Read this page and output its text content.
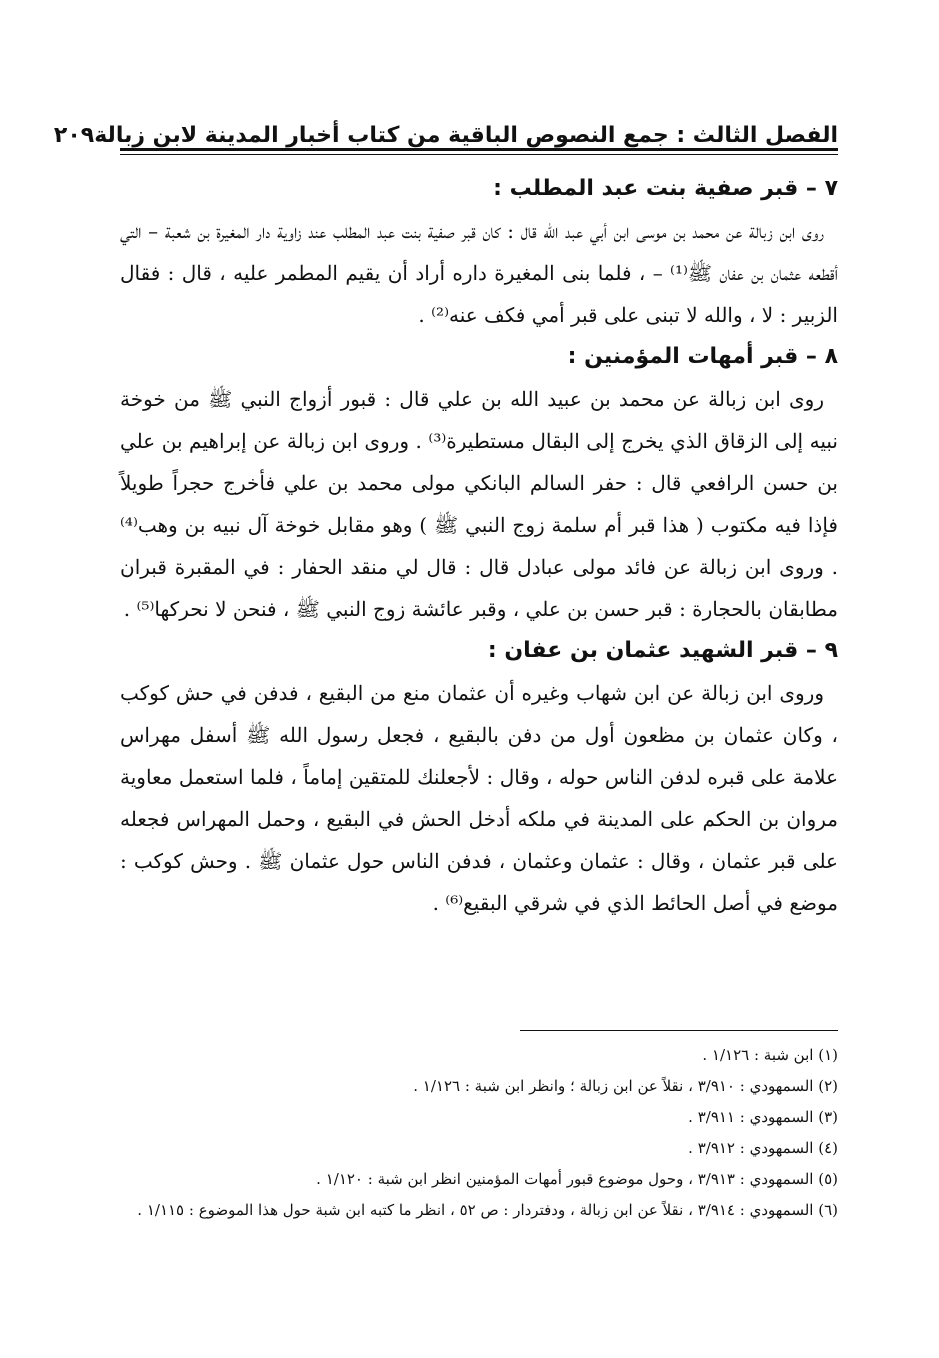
الفصل الثالث : جمع النصوص الباقية من كتاب أخبار المدينة لابن زبالة
٢٠٩
٧ – قبر صفية بنت عبد المطلب :

روى ابن زبالة عن محمد بن موسى ابن أبي عبد الله قال : كان قبر صفية بنت عبد المطلب عند زاوية دار المغيرة بن شعبة – التي أقطعه عثمان بن عفان ﷺ⁽¹⁾ – ، فلما بنى المغيرة داره أراد أن يقيم المطمر عليه ، قال : فقال الزبير : لا ، والله لا تبنى على قبر أمي فكف عنه⁽²⁾ .

٨ – قبر أمهات المؤمنين :

روى ابن زبالة عن محمد بن عبيد الله بن علي قال : قبور أزواج النبي ﷺ من خوخة نبيه إلى الزقاق الذي يخرج إلى البقال مستطيرة⁽³⁾ . وروى ابن زبالة عن إبراهيم بن علي بن حسن الرافعي قال : حفر السالم البانكي مولى محمد بن علي فأخرج حجراً طويلاً فإذا فيه مكتوب ( هذا قبر أم سلمة زوج النبي ﷺ ) وهو مقابل خوخة آل نبيه بن وهب⁽⁴⁾ . وروى ابن زبالة عن فائد مولى عبادل قال : قال لي منقد الحفار : في المقبرة قبران مطابقان بالحجارة : قبر حسن بن علي ، وقبر عائشة زوج النبي ﷺ ، فنحن لا نحركها⁽⁵⁾ .

٩ – قبر الشهيد عثمان بن عفان :

وروى ابن زبالة عن ابن شهاب وغيره أن عثمان منع من البقيع ، فدفن في حش كوكب ، وكان عثمان بن مظعون أول من دفن بالبقيع ، فجعل رسول الله ﷺ أسفل مهراس علامة على قبره لدفن الناس حوله ، وقال : لأجعلنك للمتقين إماماً ، فلما استعمل معاوية مروان بن الحكم على المدينة في ملكه أدخل الحش في البقيع ، وحمل المهراس فجعله على قبر عثمان ، وقال : عثمان وعثمان ، فدفن الناس حول عثمان ﷺ . وحش كوكب : موضع في أصل الحائط الذي في شرقي البقيع⁽⁶⁾ .

(١) ابن شبة : ١/١٢٦ .

(٢) السمهودي : ٣/٩١٠ ، نقلاً عن ابن زبالة ؛ وانظر ابن شبة : ١/١٢٦ .

(٣) السمهودي : ٣/٩١١ .

(٤) السمهودي : ٣/٩١٢ .

(٥) السمهودي : ٣/٩١٣ ، وحول موضوع قبور أمهات المؤمنين انظر ابن شبة : ١/١٢٠ .

(٦) السمهودي : ٣/٩١٤ ، نقلاً عن ابن زبالة ، ودفتردار : ص ٥٢ ، انظر ما كتبه ابن شبة حول هذا الموضوع : ١/١١٥ .
